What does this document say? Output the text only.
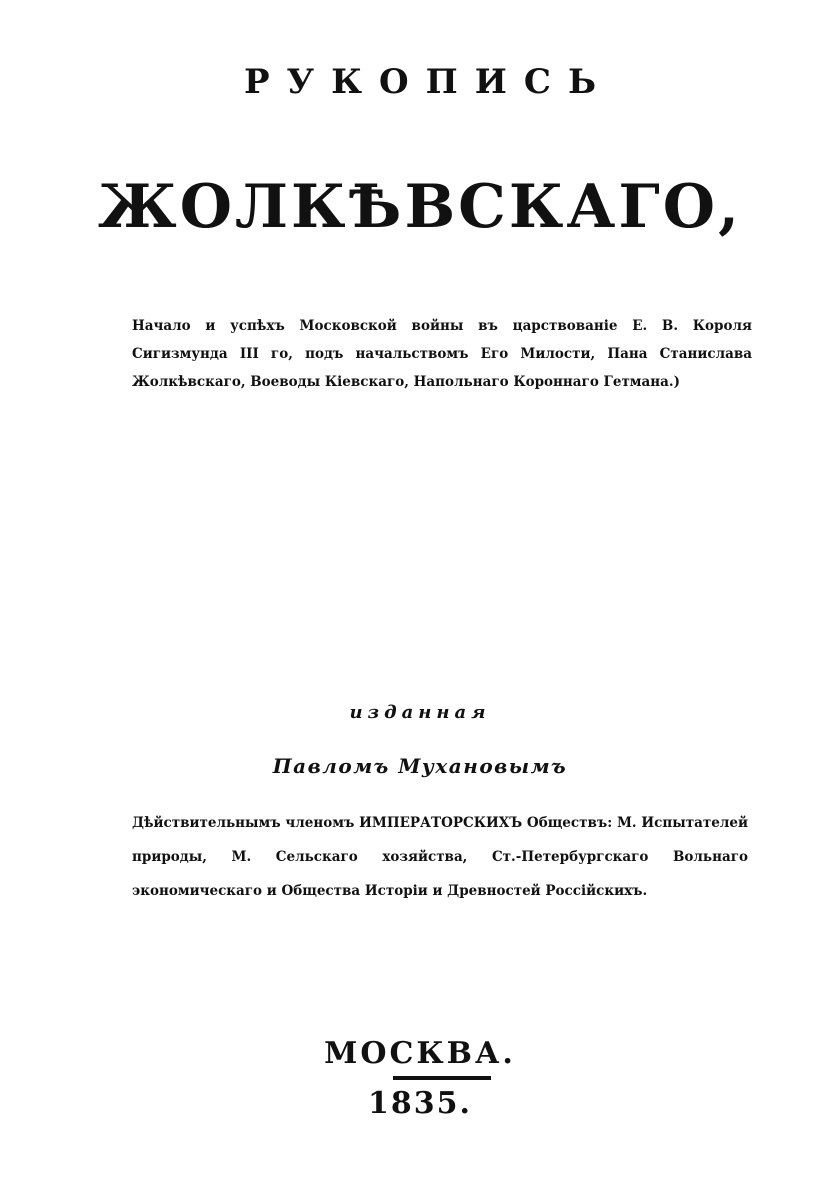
РУКОПИСЬ
ЖОЛКѢВСКАГО,
Начало и успѣхъ Московской войны въ царствованіе Е. В. Короля Сигизмунда III го, подъ начальствомъ Его Милости, Пана Станислава Жолкѣвскаго, Воеводы Кіевскаго, Напольнаго Короннаго Гетмана.)
изданная
Павломъ Мухановымъ
Дѣйствительнымъ членомъ ИМПЕРАТОРСКИХЪ Обществъ: М. Испытателей природы, М. Сельскаго хозяйства, Ст.-Петербургскаго Вольнаго экономическаго и Общества Исторіи и Древностей Россійскихъ.
МОСКВА.
1835.
